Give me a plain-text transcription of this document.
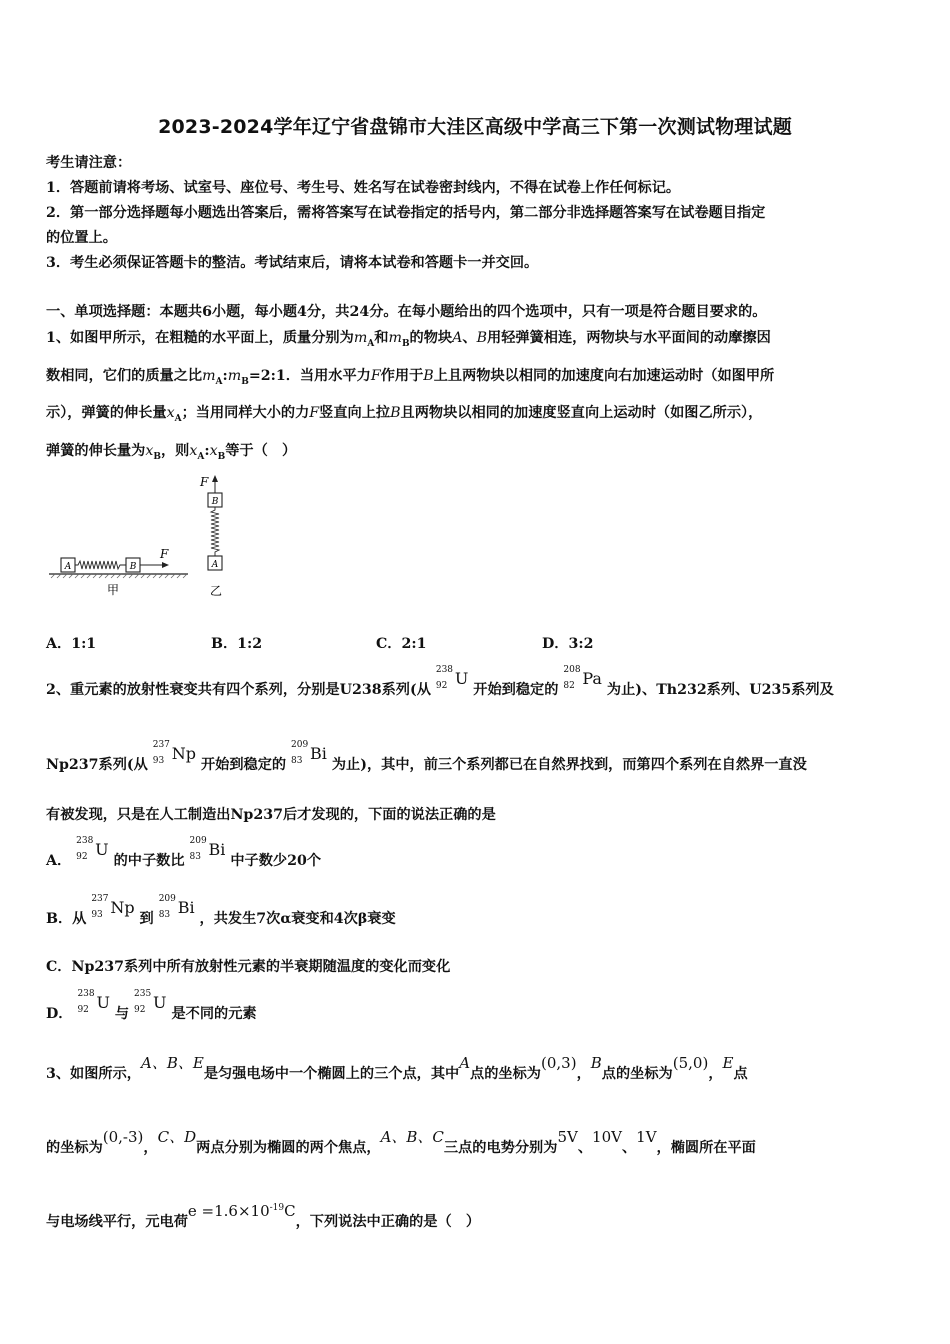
2023-2024学年辽宁省盘锦市大洼区高级中学高三下第一次测试物理试题
考生请注意：
1．答题前请将考场、试室号、座位号、考生号、姓名写在试卷密封线内，不得在试卷上作任何标记。
2．第一部分选择题每小题选出答案后，需将答案写在试卷指定的括号内，第二部分非选择题答案写在试卷题目指定
的位置上。
3．考生必须保证答题卡的整洁。考试结束后，请将本试卷和答题卡一并交回。
一、单项选择题：本题共6小题，每小题4分，共24分。在每小题给出的四个选项中，只有一项是符合题目要求的。
1、如图甲所示，在粗糙的水平面上，质量分别为$m_A$和$m_B$的物块A、B用轻弹簧相连，两物块与水平面间的动摩擦因
数相同，它们的质量之比$m_A:m_B=2:1$．当用水平力F作用于B上且两物块以相同的加速度向右加速运动时（如图甲所
示），弹簧的伸长量$x_A$；当用同样大小的力F竖直向上拉B且两物块以相同的加速度竖直向上运动时（如图乙所示），
弹簧的伸长量为$x_B$，则$x_A:x_B$等于（　）
A	B
F
甲
F
B
A
乙
A．1:1	B．1:2	C．2:1	D．3:2
2、重元素的放射性衰变共有四个系列，分别是U238系列(从
238
92 U 开始到稳定的
208
82 Pa 为止)、Th232系列、U235系列及
Np237系列(从
237
93 Np 开始到稳定的
209
83 Bi 为止)，其中，前三个系列都已在自然界找到，而第四个系列在自然界一直没
有被发现，只是在人工制造出Np237后才发现的，下面的说法正确的是
A．
238
92 U 的中子数比
209
83 Bi 中子数少20个
B．从
237
93 Np 到
209
83 Bi ，共发生7次α衰变和4次β衰变
C．Np237系列中所有放射性元素的半衰期随温度的变化而变化
D．
238
92 U 与
235
92 U 是不同的元素
3、如图所示，A、B、E是匀强电场中一个椭圆上的三个点，其中A点的坐标为(0,3)，B点的坐标为(5,0)，E点
的坐标为(0,-3)，C、D两点分别为椭圆的两个焦点，A、B、C三点的电势分别为5V、10V、1V，椭圆所在平面
与电场线平行，元电荷$e =1.6\times 10^{-19}C$，下列说法中正确的是（　）
